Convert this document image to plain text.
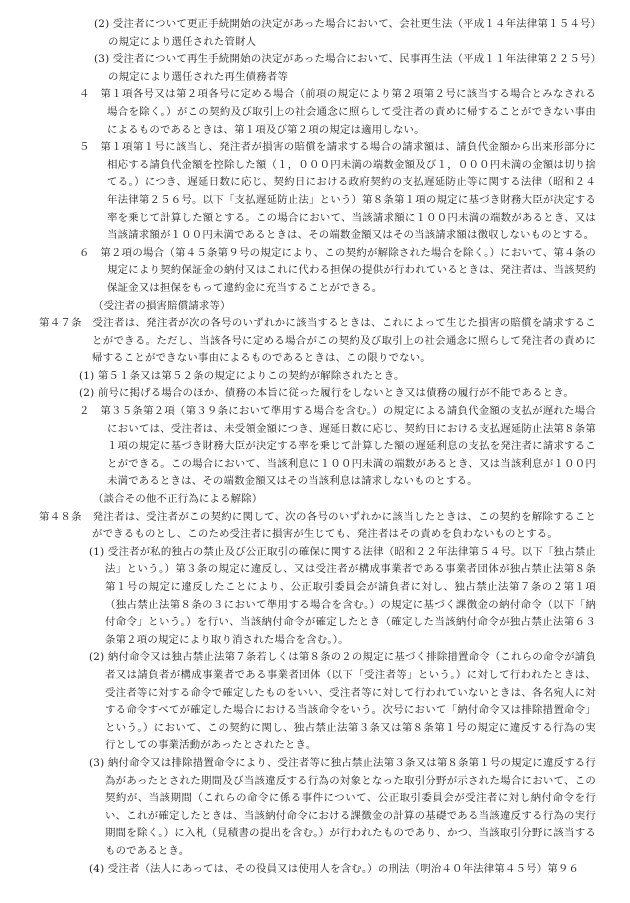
(2) 受注者について更正手続開始の決定があった場合において、会社更生法（平成１４年法律第１５４号）の規定により選任された管財人

(3) 受注者について再生手続開始の決定があった場合において、民事再生法（平成１１年法律第２２５号）の規定により選任された再生債務者等

４　第１項各号又は第２項各号に定める場合（前項の規定により第２項第２号に該当する場合とみなされる場合を除く。）がこの契約及び取引上の社会通念に照らして受注者の責めに帰することができない事由によるものであるときは、第１項及び第２項の規定は適用しない。

５　第１項第１号に該当し、発注者が損害の賠償を請求する場合の請求額は、請負代金額から出来形部分に相応する請負代金額を控除した額（１，０００円未満の端数金額及び１，０００円未満の金額は切り捨てる。）につき、遅延日数に応じ、契約日における政府契約の支払遅延防止等に関する法律（昭和２４年法律第２５６号。以下「支払遅延防止法」という）第８条第１項の規定に基づき財務大臣が決定する率を乗じて計算した額とする。この場合において、当該請求額に１００円未満の端数があるとき、又は当該請求額が１００円未満であるときは、その端数金額又はその当該請求額は徴収しないものとする。

６　第２項の場合（第４５条第９号の規定により、この契約が解除された場合を除く。）において、第４条の規定により契約保証金の納付又はこれに代わる担保の提供が行われているときは、発注者は、当該契約保証金又は担保をもって違約金に充当することができる。

（受注者の損害賠償請求等）

第４７条　受注者は、発注者が次の各号のいずれかに該当するときは、これによって生じた損害の賠償を請求することができる。ただし、当該各号に定める場合がこの契約及び取引上の社会通念に照らして発注者の責めに帰することができない事由によるものであるときは、この限りでない。

(1) 第５１条又は第５２条の規定によりこの契約が解除されたとき。

(2) 前号に掲げる場合のほか、債務の本旨に従った履行をしないとき又は債務の履行が不能であるとき。

２　第３５条第２項（第３９条において準用する場合を含む。）の規定による請負代金額の支払が遅れた場合においては、受注者は、未受領金額につき、遅延日数に応じ、契約日における支払遅延防止法第８条第１項の規定に基づき財務大臣が決定する率を乗じて計算した額の遅延利息の支払を発注者に請求することができる。この場合において、当該利息に１００円未満の端数があるとき、又は当該利息が１００円未満であるときは、その端数金額又はその当該利息は請求しないものとする。

（談合その他不正行為による解除）

第４８条　発注者は、受注者がこの契約に関して、次の各号のいずれかに該当したときは、この契約を解除することができるものとし、このため受注者に損害が生じても、発注者はその責めを負わないものとする。

(1) 受注者が私的独占の禁止及び公正取引の確保に関する法律（昭和２２年法律第５４号。以下「独占禁止法」という。）第３条の規定に違反し、又は受注者が構成事業者である事業者団体が独占禁止法第８条第１号の規定に違反したことにより、公正取引委員会が請負者に対し、独占禁止法第７条の２第１項（独占禁止法第８条の３において準用する場合を含む。）の規定に基づく課徴金の納付命令（以下「納付命令」という。）を行い、当該納付命令が確定したとき（確定した当該納付命令が独占禁止法第６３条第２項の規定により取り消された場合を含む。）。

(2) 納付命令又は独占禁止法第７条若しくは第８条の２の規定に基づく排除措置命令（これらの命令が請負者又は請負者が構成事業者である事業者団体（以下「受注者等」という。）に対して行われたときは、受注者等に対する命令で確定したものをいい、受注者等に対して行われていないときは、各名宛人に対する命令すべてが確定した場合における当該命令をいう。次号において「納付命令又は排除措置命令」という。）において、この契約に関し、独占禁止法第３条又は第８条第１号の規定に違反する行為の実行としての事業活動があったとされたとき。

(3) 納付命令又は排除措置命令により、受注者等に独占禁止法第３条又は第８条第１号の規定に違反する行為があったとされた期間及び当該違反する行為の対象となった取引分野が示された場合において、この契約が、当該期間（これらの命令に係る事件について、公正取引委員会が受注者に対し納付命令を行い、これが確定したときは、当該納付命令における課徴金の計算の基礎である当該違反する行為の実行期間を除く。）に入札（見積書の提出を含む。）が行われたものであり、かつ、当該取引分野に該当するものであるとき。

(4) 受注者（法人にあっては、その役員又は使用人を含む。）の刑法（明治４０年法律第４５号）第９６
